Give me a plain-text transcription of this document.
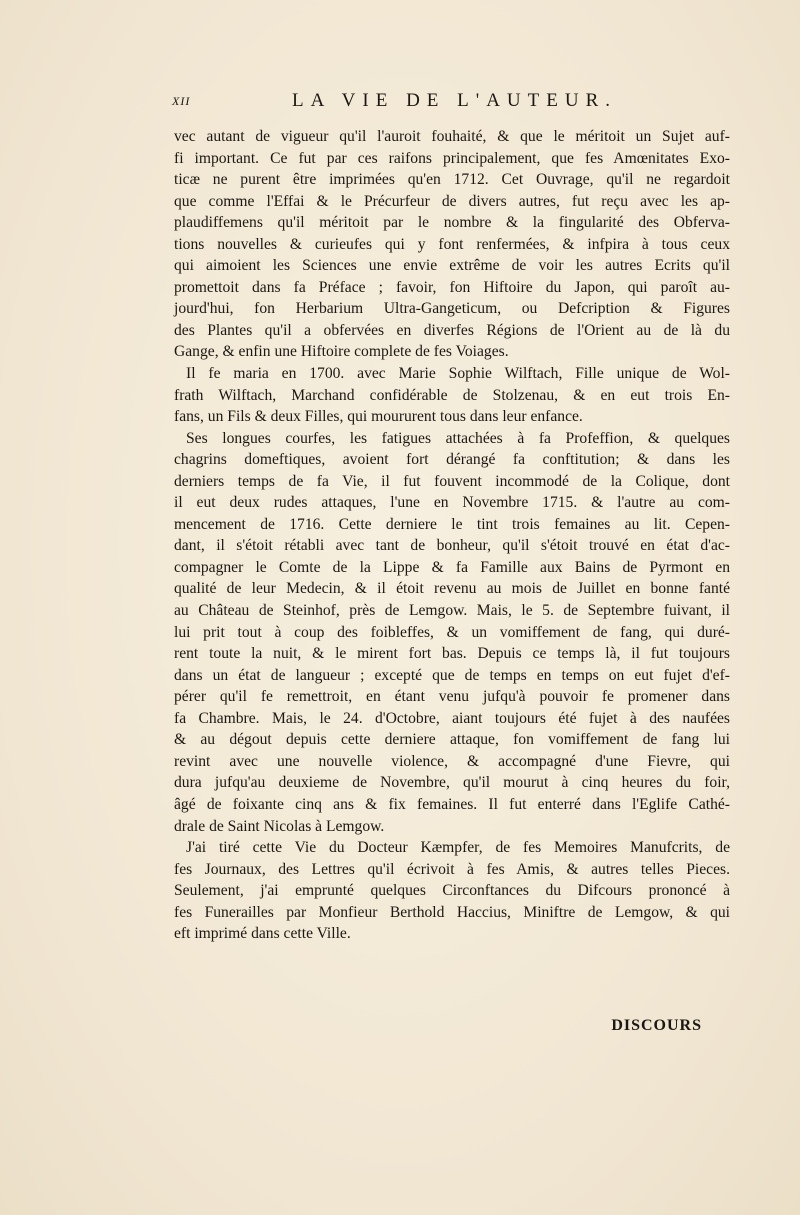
XII	LA VIE DE L'AUTEUR.
vec autant de vigueur qu'il l'auroit fouhaité, & que le méritoit un Sujet auf-
fi important. Ce fut par ces raifons principalement, que fes Amœnitates Exo-
ticæ ne purent être imprimées qu'en 1712. Cet Ouvrage, qu'il ne regardoit
que comme l'Effai & le Précurfeur de divers autres, fut reçu avec les ap-
plaudiffemens qu'il méritoit par le nombre & la fingularité des Obferva-
tions nouvelles & curieufes qui y font renfermées, & infpira à tous ceux
qui aimoient les Sciences une envie extrême de voir les autres Ecrits qu'il
promettoit dans fa Préface ; favoir, fon Hiftoire du Japon, qui paroît au-
jourd'hui, fon Herbarium Ultra-Gangeticum, ou Defcription & Figures
des Plantes qu'il a obfervées en diverfes Régions de l'Orient au de là du
Gange, & enfin une Hiftoire complete de fes Voiages.
Il fe maria en 1700. avec Marie Sophie Wilftach, Fille unique de Wol-
frath Wilftach, Marchand confidérable de Stolzenau, & en eut trois En-
fans, un Fils & deux Filles, qui moururent tous dans leur enfance.
Ses longues courfes, les fatigues attachées à fa Profeffion, & quelques
chagrins domeftiques, avoient fort dérangé fa conftitution; & dans les
derniers temps de fa Vie, il fut fouvent incommodé de la Colique, dont
il eut deux rudes attaques, l'une en Novembre 1715. & l'autre au com-
mencement de 1716. Cette derniere le tint trois femaines au lit. Cepen-
dant, il s'étoit rétabli avec tant de bonheur, qu'il s'étoit trouvé en état d'ac-
compagner le Comte de la Lippe & fa Famille aux Bains de Pyrmont en
qualité de leur Medecin, & il étoit revenu au mois de Juillet en bonne fanté
au Château de Steinhof, près de Lemgow. Mais, le 5. de Septembre fuivant, il
lui prit tout à coup des foibleffes, & un vomiffement de fang, qui duré-
rent toute la nuit, & le mirent fort bas. Depuis ce temps là, il fut toujours
dans un état de langueur ; excepté que de temps en temps on eut fujet d'ef-
pérer qu'il fe remettroit, en étant venu jufqu'à pouvoir fe promener dans
fa Chambre. Mais, le 24. d'Octobre, aiant toujours été fujet à des naufées
& au dégout depuis cette derniere attaque, fon vomiffement de fang lui
revint avec une nouvelle violence, & accompagné d'une Fievre, qui
dura jufqu'au deuxieme de Novembre, qu'il mourut à cinq heures du foir,
âgé de foixante cinq ans & fix femaines. Il fut enterré dans l'Eglife Cathé-
drale de Saint Nicolas à Lemgow.
J'ai tiré cette Vie du Docteur Kæmpfer, de fes Memoires Manufcrits, de
fes Journaux, des Lettres qu'il écrivoit à fes Amis, & autres telles Pieces.
Seulement, j'ai emprunté quelques Circonftances du Difcours prononcé à
fes Funerailles par Monfieur Berthold Haccius, Miniftre de Lemgow, & qui
eft imprimé dans cette Ville.
DISCOURS
